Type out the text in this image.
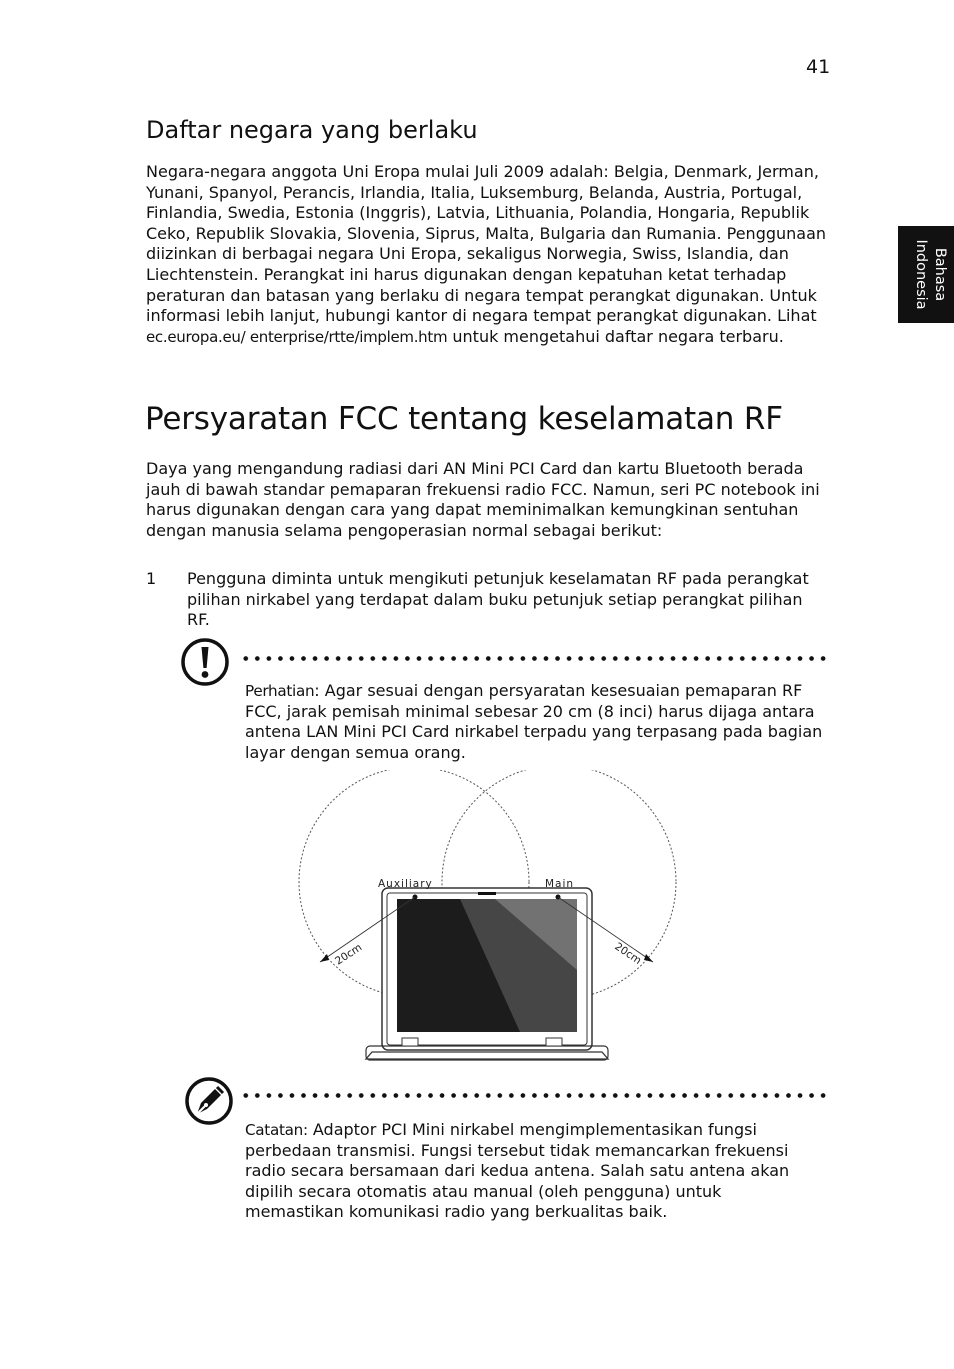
41
Bahasa
Indonesia
Daftar negara yang berlaku

Negara-negara anggota Uni Eropa mulai Juli 2009 adalah: Belgia, Denmark, Jerman, Yunani, Spanyol, Perancis, Irlandia, Italia, Luksemburg, Belanda, Austria, Portugal, Finlandia, Swedia, Estonia (Inggris), Latvia, Lithuania, Polandia, Hongaria, Republik Ceko, Republik Slovakia, Slovenia, Siprus, Malta, Bulgaria dan Rumania. Penggunaan diizinkan di berbagai negara Uni Eropa, sekaligus Norwegia, Swiss, Islandia, dan Liechtenstein. Perangkat ini harus digunakan dengan kepatuhan ketat terhadap peraturan dan batasan yang berlaku di negara tempat perangkat digunakan. Untuk informasi lebih lanjut, hubungi kantor di negara tempat perangkat digunakan. Lihat ec.europa.eu/ enterprise/rtte/implem.htm untuk mengetahui daftar negara terbaru.

Persyaratan FCC tentang keselamatan RF

Daya yang mengandung radiasi dari AN Mini PCI Card dan kartu Bluetooth berada jauh di bawah standar pemaparan frekuensi radio FCC. Namun, seri PC notebook ini harus digunakan dengan cara yang dapat meminimalkan kemungkinan sentuhan dengan manusia selama pengoperasian normal sebagai berikut:

1 Pengguna diminta untuk mengikuti petunjuk keselamatan RF pada perangkat pilihan nirkabel yang terdapat dalam buku petunjuk setiap perangkat pilihan RF.
Perhatian: Agar sesuai dengan persyaratan kesesuaian pemaparan RF FCC, jarak pemisah minimal sebesar 20 cm (8 inci) harus dijaga antara antena LAN Mini PCI Card nirkabel terpadu yang terpasang pada bagian layar dengan semua orang.
Auxiliary	Main
20cm	20cm
Catatan: Adaptor PCI Mini nirkabel mengimplementasikan fungsi perbedaan transmisi. Fungsi tersebut tidak memancarkan frekuensi radio secara bersamaan dari kedua antena. Salah satu antena akan dipilih secara otomatis atau manual (oleh pengguna) untuk memastikan komunikasi radio yang berkualitas baik.
